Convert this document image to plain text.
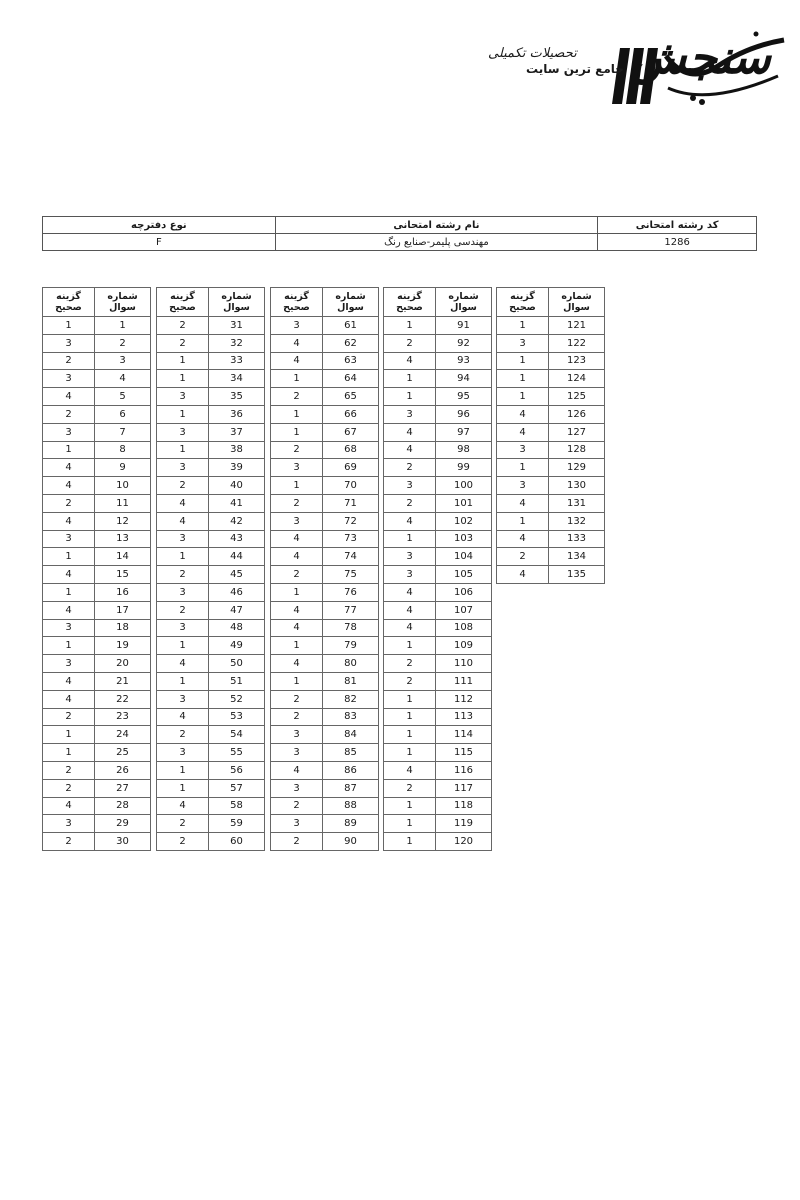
سنجش
جامع ترین سایت
تحصیلات تکمیلی
کد رشته امتحانی	نام رشته امتحانی	نوع دفترچه
1286	مهندسی پلیمر-صنایع رنگ	F
شماره سوال	گزینه صحیح
1	1
2	3
3	2
4	3
5	4
6	2
7	3
8	1
9	4
10	4
11	2
12	4
13	3
14	1
15	4
16	1
17	4
18	3
19	1
20	3
21	4
22	4
23	2
24	1
25	1
26	2
27	2
28	4
29	3
30	2
شماره سوال	گزینه صحیح
31	2
32	2
33	1
34	1
35	3
36	1
37	3
38	1
39	3
40	2
41	4
42	4
43	3
44	1
45	2
46	3
47	2
48	3
49	1
50	4
51	1
52	3
53	4
54	2
55	3
56	1
57	1
58	4
59	2
60	2
شماره سوال	گزینه صحیح
61	3
62	4
63	4
64	1
65	2
66	1
67	1
68	2
69	3
70	1
71	2
72	3
73	4
74	4
75	2
76	1
77	4
78	4
79	1
80	4
81	1
82	2
83	2
84	3
85	3
86	4
87	3
88	2
89	3
90	2
شماره سوال	گزینه صحیح
91	1
92	2
93	4
94	1
95	1
96	3
97	4
98	4
99	2
100	3
101	2
102	4
103	1
104	3
105	3
106	4
107	4
108	4
109	1
110	2
111	2
112	1
113	1
114	1
115	1
116	4
117	2
118	1
119	1
120	1
شماره سوال	گزینه صحیح
121	1
122	3
123	1
124	1
125	1
126	4
127	4
128	3
129	1
130	3
131	4
132	1
133	4
134	2
135	4
